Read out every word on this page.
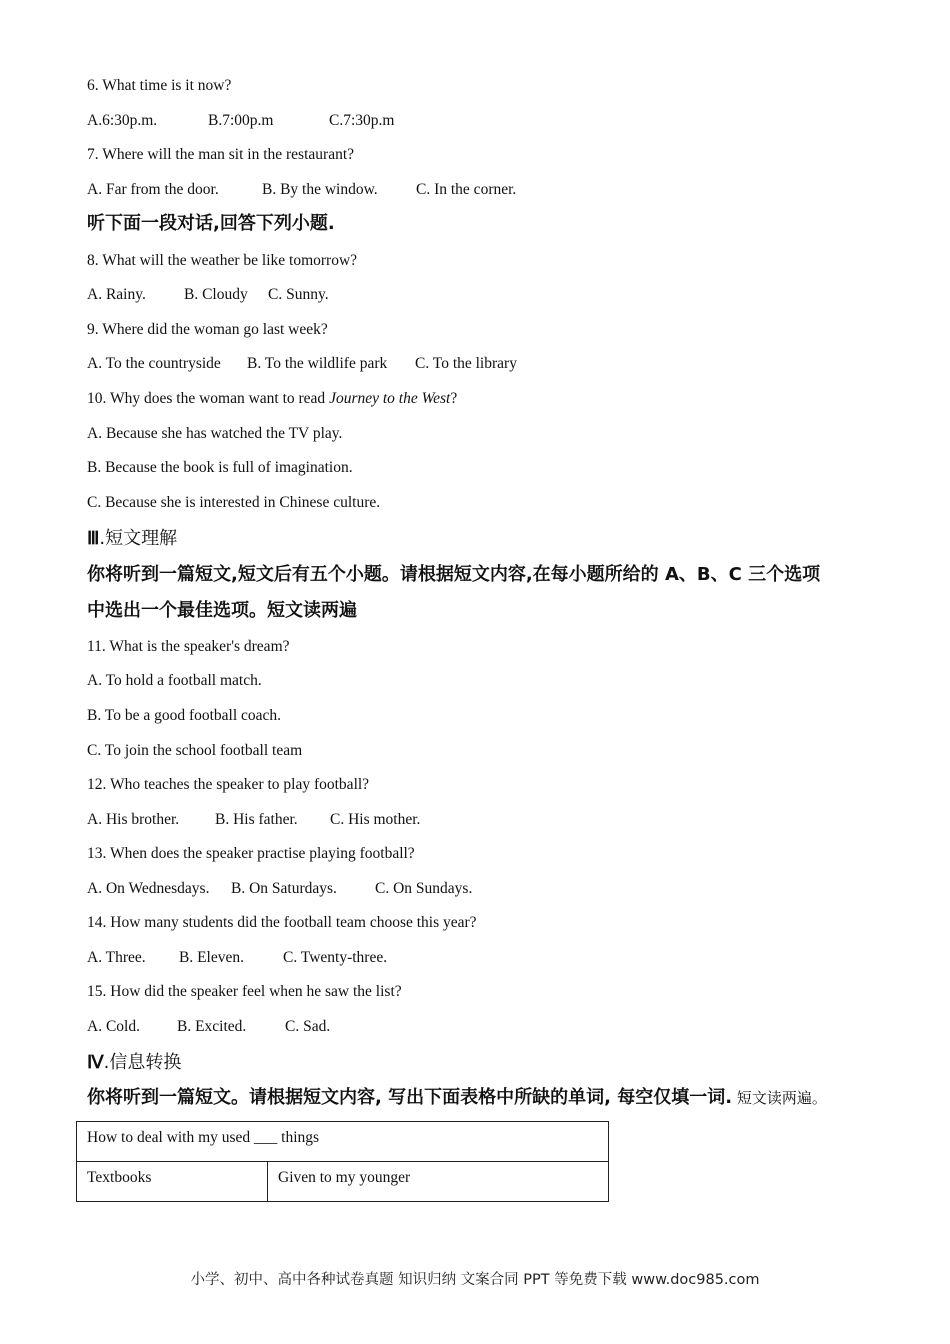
6. What time is it now?
A.6:30p.m.	B.7:00p.m	C.7:30p.m
7. Where will the man sit in the restaurant?
A. Far from the door.	B. By the window. C. In the corner.
听下面一段对话,回答下列小题.
8. What will the weather be like tomorrow?
A. Rainy. B. Cloudy C. Sunny.
9. Where did the woman go last week?
A. To the countryside B. To the wildlife park C. To the library
10. Why does the woman want to read Journey to the West?
A. Because she has watched the TV play.
B. Because the book is full of imagination.
C. Because she is interested in Chinese culture.
Ⅲ.短文理解
你将听到一篇短文,短文后有五个小题。请根据短文内容,在每小题所给的 A、B、C 三个选项
中选出一个最佳选项。短文读两遍
11. What is the speaker's dream?
A. To hold a football match.
B. To be a good football coach.
C. To join the school football team
12. Who teaches the speaker to play football?
A. His brother. B. His father. C. His mother.
13. When does the speaker practise playing football?
A. On Wednesdays. B. On Saturdays. C. On Sundays.
14. How many students did the football team choose this year?
A. Three. B. Eleven.	C. Twenty-three.
15. How did the speaker feel when he saw the list?
A. Cold. B. Excited. C. Sad.
Ⅳ.信息转换
你将听到一篇短文。请根据短文内容, 写出下面表格中所缺的单词, 每空仅填一词. 短文读两遍。
How to deal with my used ___ things
Textbooks	Given to my younger
小学、初中、高中各种试卷真题 知识归纳 文案合同 PPT 等免费下载 www.doc985.com
